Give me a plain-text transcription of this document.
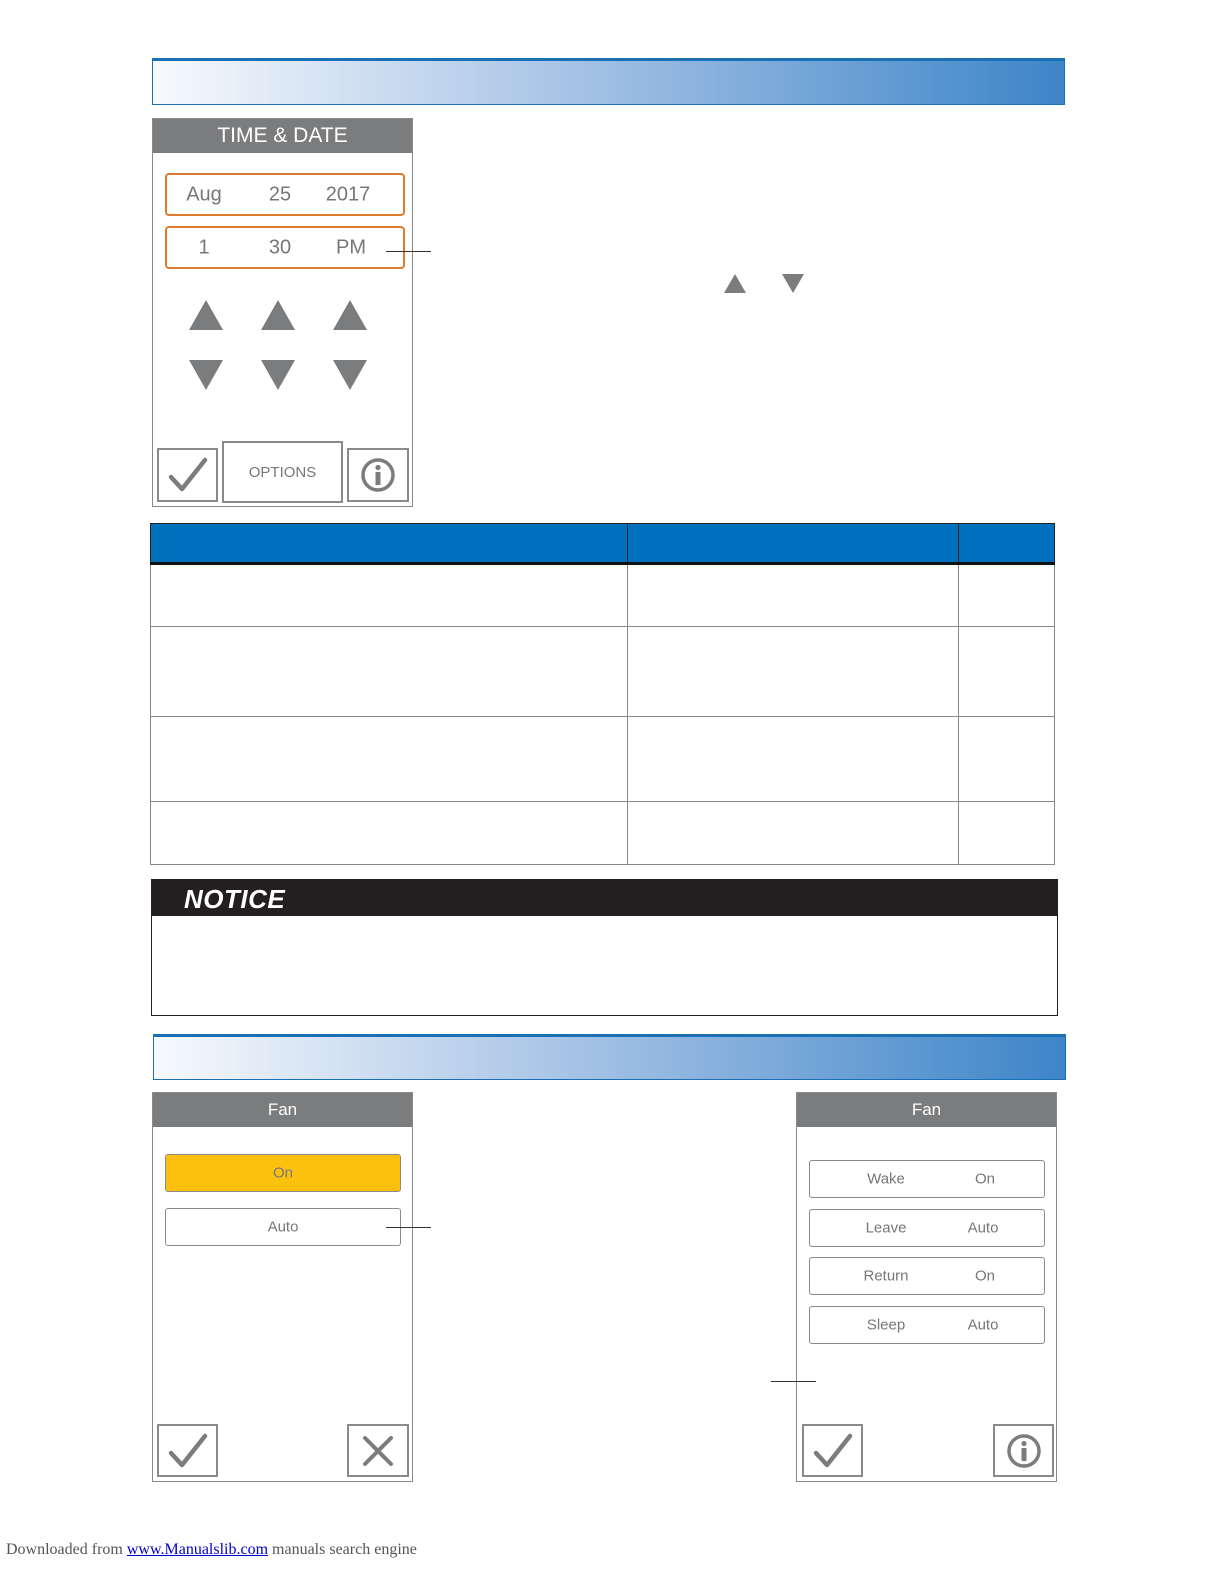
TIME & DATE
Aug 25 2017
1	30 PM
OPTIONS

NOTICE
Fan
On
Auto
Fan
Wake	On
Leave	Auto
Return	On
Sleep	Auto
Downloaded from www.Manualslib.com manuals search engine
